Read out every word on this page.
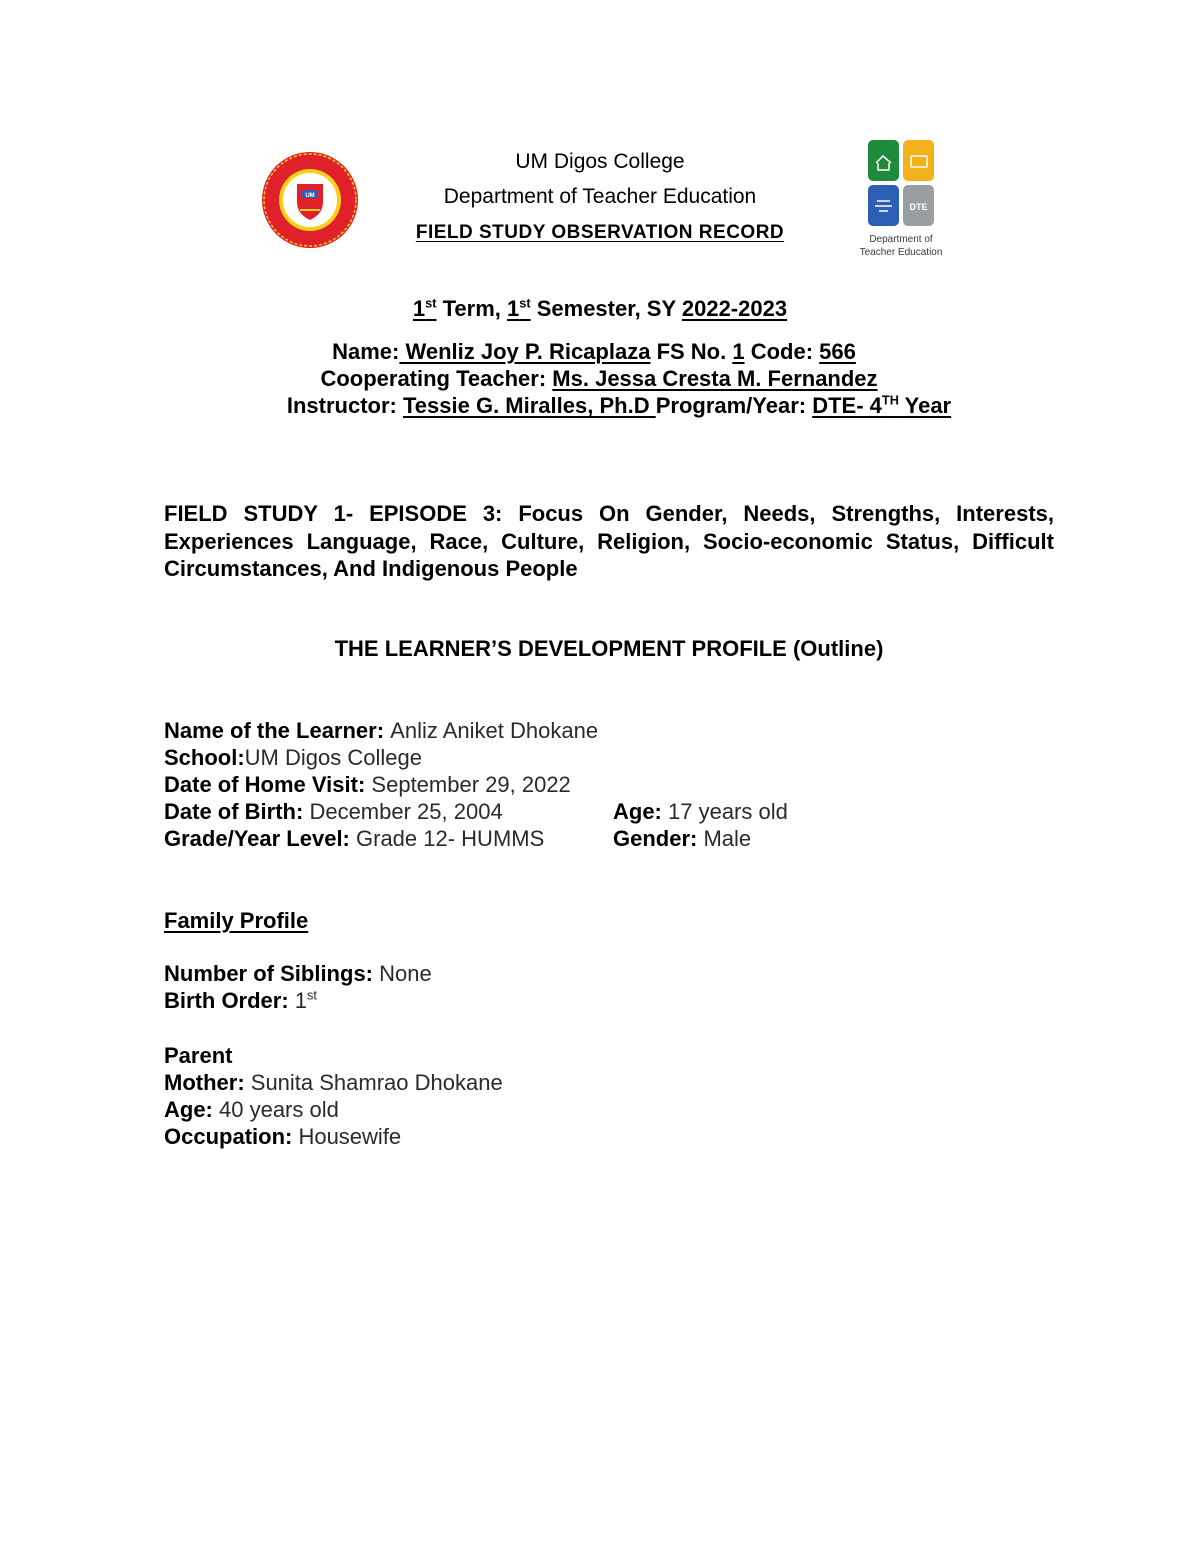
UM
UM Digos College
Department of Teacher Education
FIELD STUDY OBSERVATION RECORD
DTE
Department of
Teacher Education
1st Term, 1st Semester, SY 2022-2023
Name: Wenliz Joy P. Ricaplaza FS No. 1 Code: 566
Cooperating Teacher: Ms. Jessa Cresta M. Fernandez
Instructor: Tessie G. Miralles, Ph.D Program/Year: DTE- 4TH Year
FIELD STUDY 1- EPISODE 3: Focus On Gender, Needs, Strengths, Interests, Experiences Language, Race, Culture, Religion, Socio-economic Status, Difficult Circumstances, And Indigenous People
THE LEARNER’S DEVELOPMENT PROFILE (Outline)
Name of the Learner: Anliz Aniket Dhokane
School:UM Digos College
Date of Home Visit: September 29, 2022
Date of Birth: December 25, 2004	Age: 17 years old
Grade/Year Level: Grade 12- HUMMS	Gender: Male
Family Profile
Number of Siblings: None
Birth Order: 1st
Parent
Mother: Sunita Shamrao Dhokane
Age: 40 years old
Occupation: Housewife
